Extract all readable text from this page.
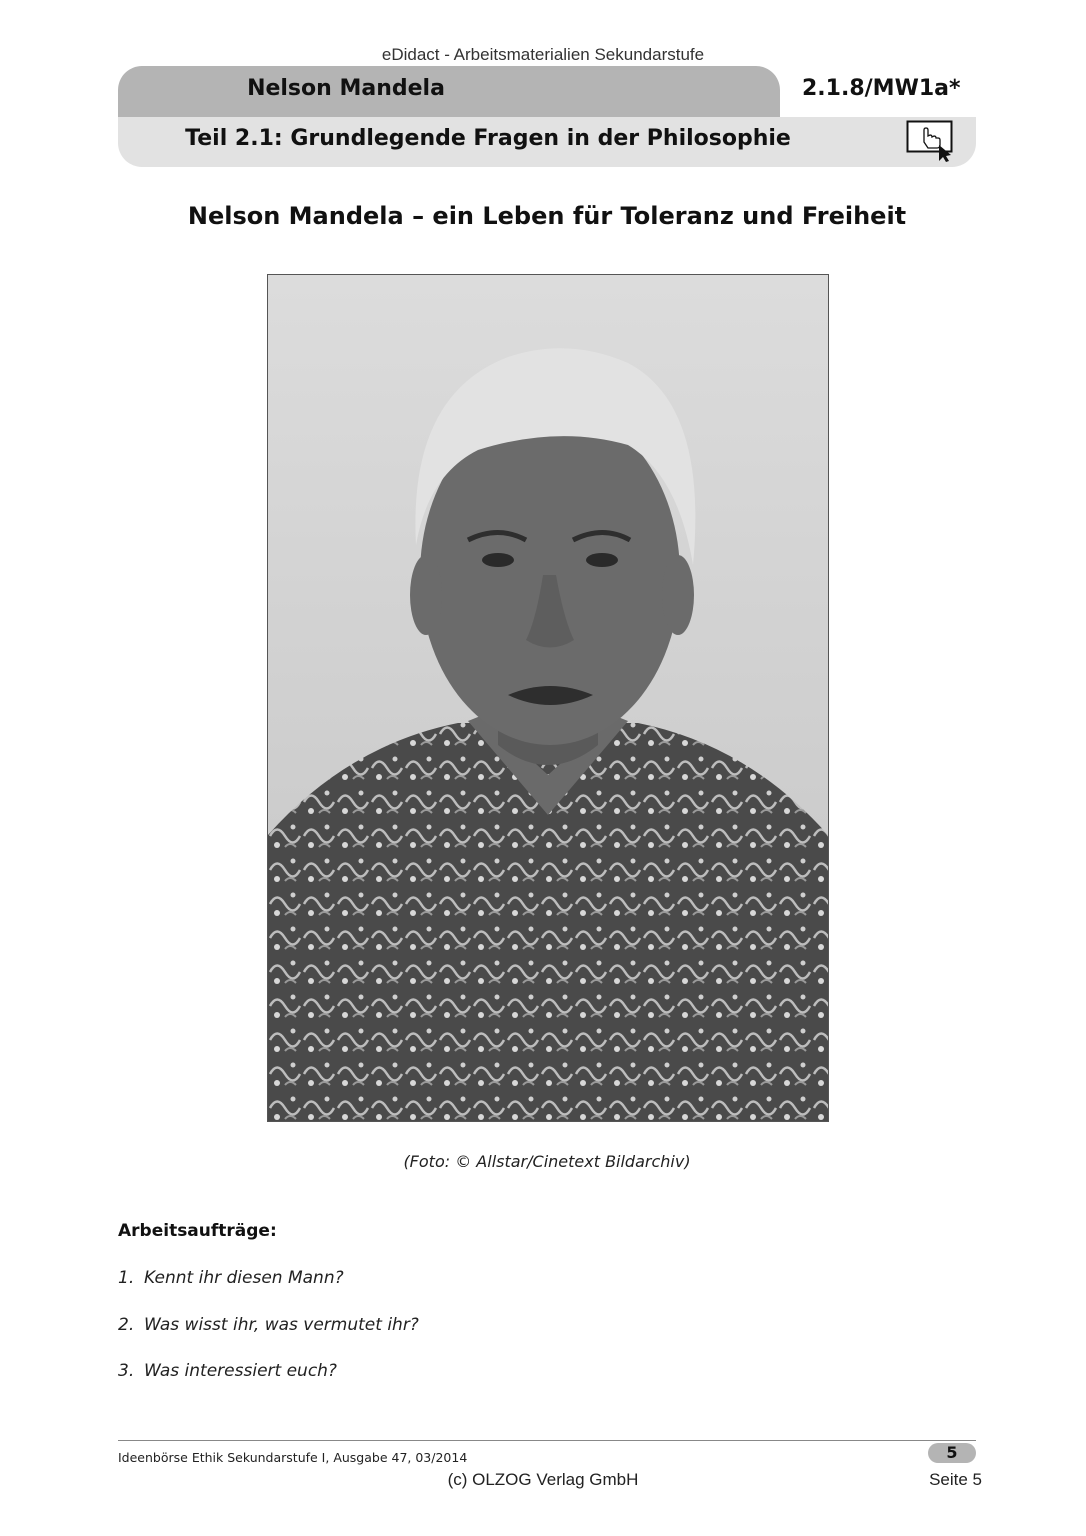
eDidact - Arbeitsmaterialien Sekundarstufe
Nelson Mandela	2.1.8/MW1a*
Teil 2.1: Grundlegende Fragen in der Philosophie
Nelson Mandela – ein Leben für Toleranz und Freiheit
(Foto: © Allstar/Cinetext Bildarchiv)
Arbeitsaufträge:
1. Kennt ihr diesen Mann?
2. Was wisst ihr, was vermutet ihr?
3. Was interessiert euch?
Ideenbörse Ethik Sekundarstufe I, Ausgabe 47, 03/2014	5
(c) OLZOG Verlag GmbH	Seite 5
